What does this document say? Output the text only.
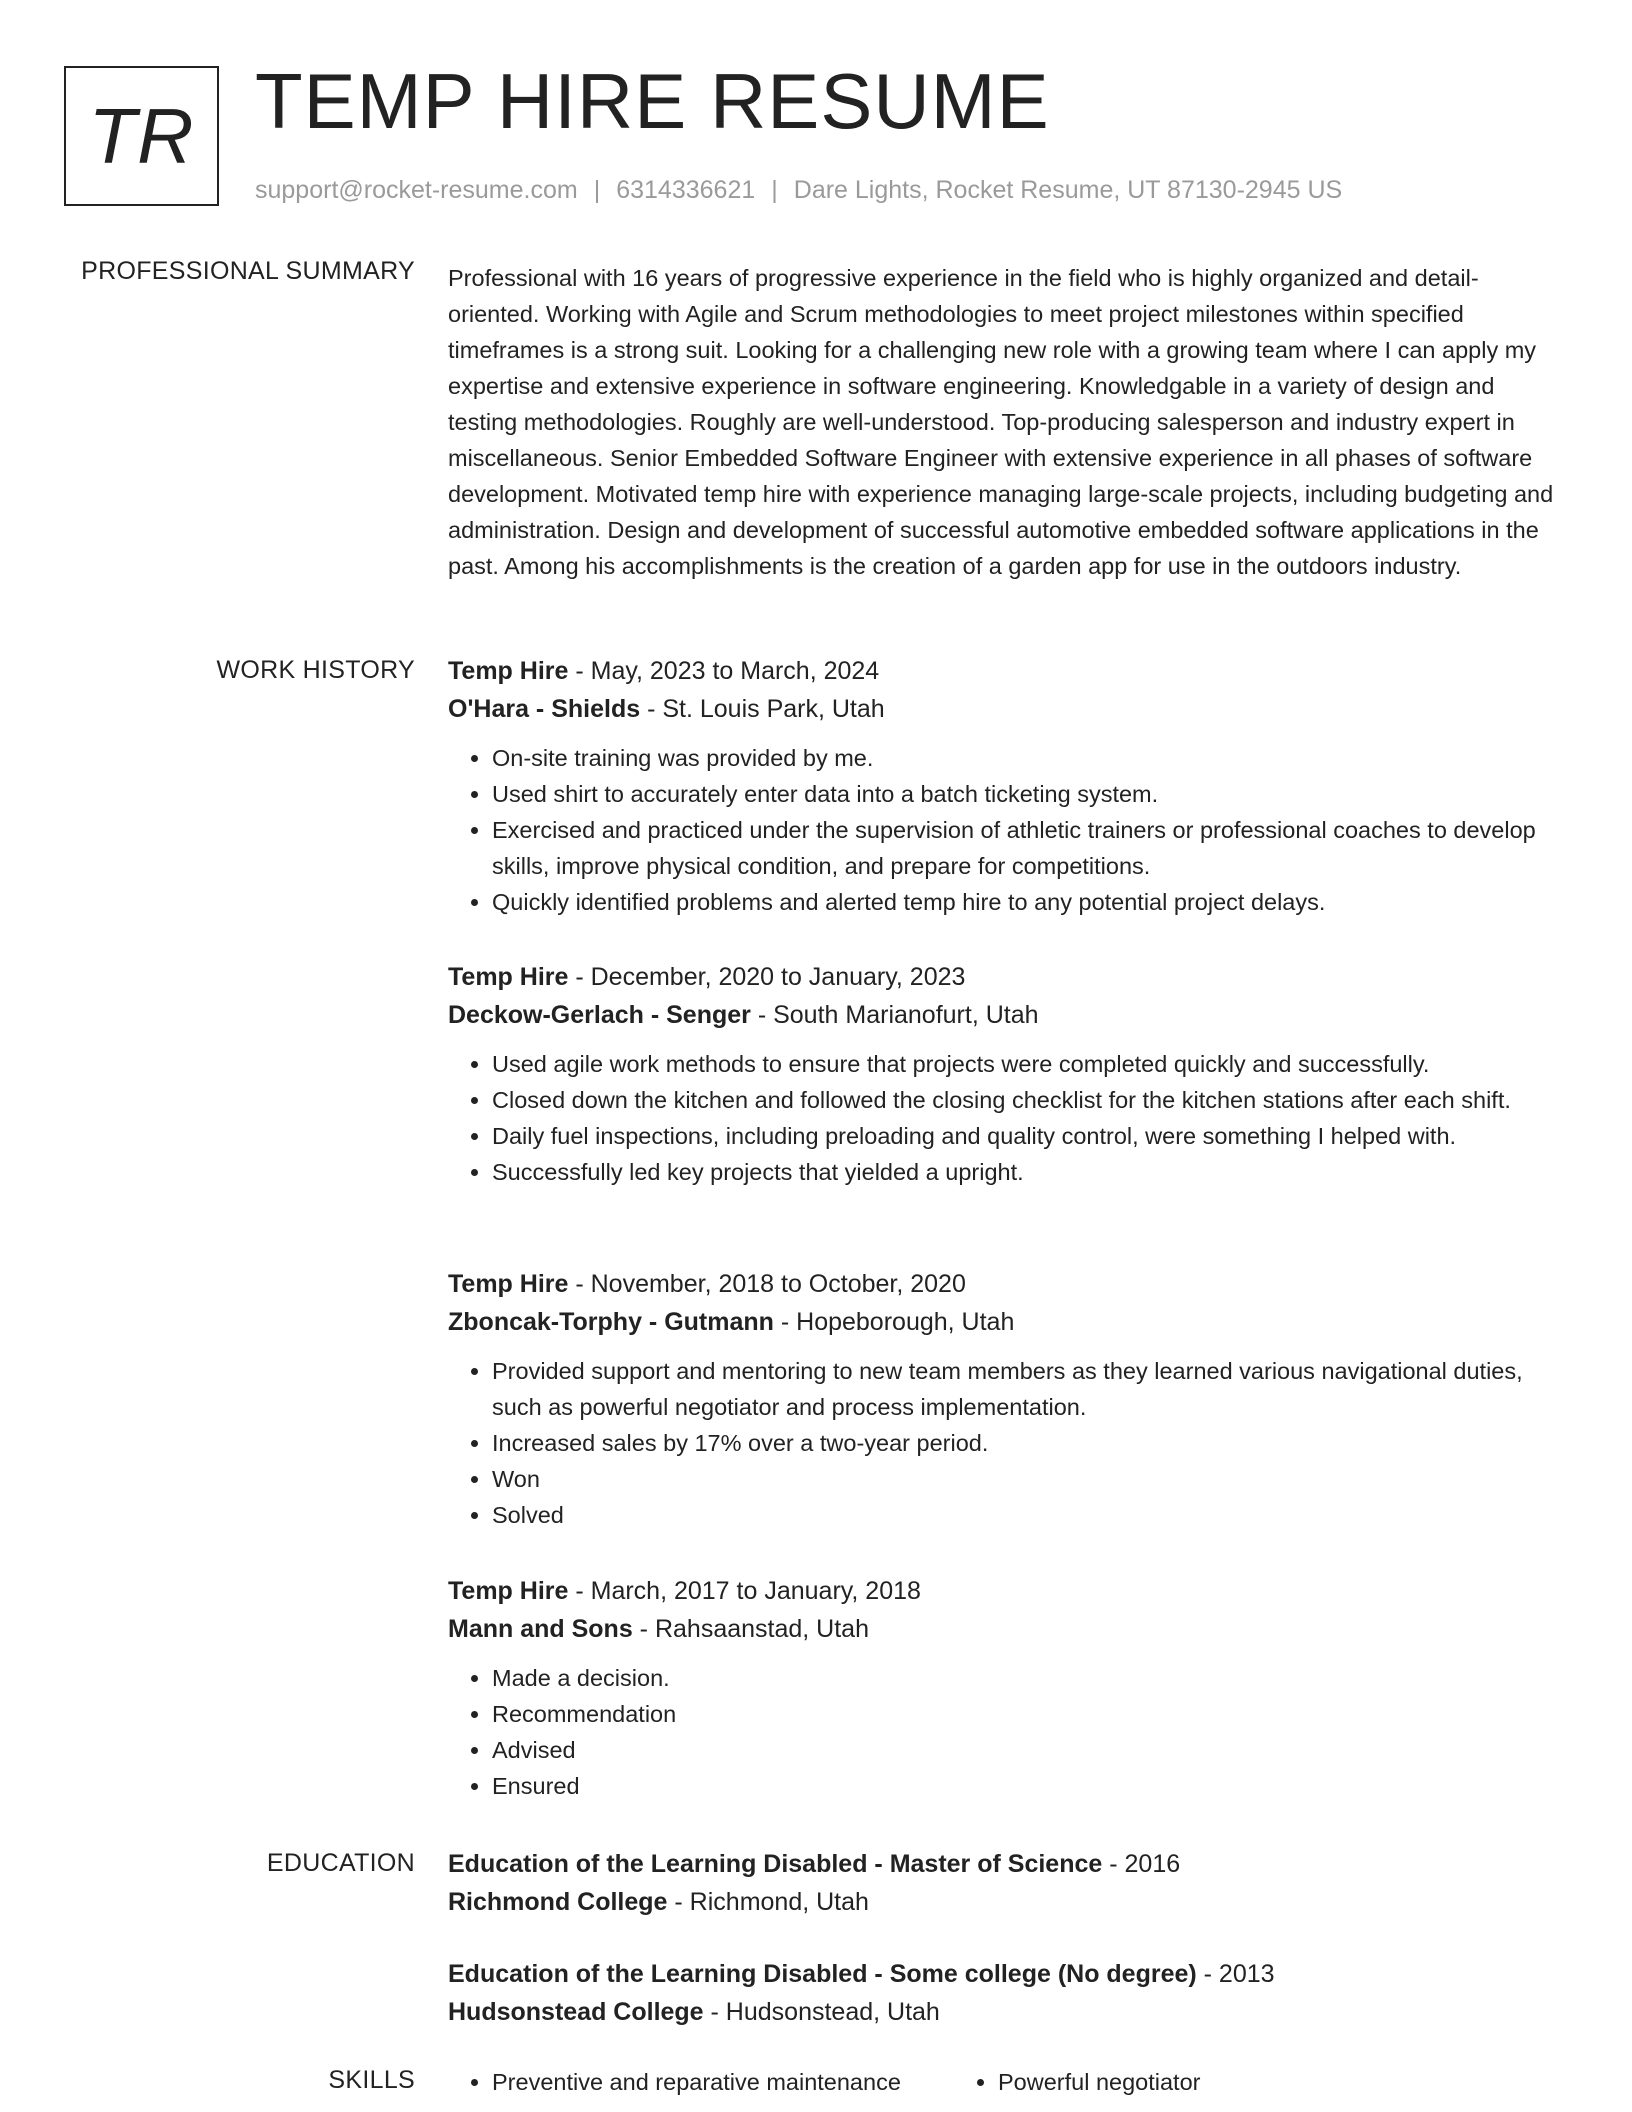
TR TEMP HIRE RESUME
support@rocket-resume.com | 6314336621 | Dare Lights, Rocket Resume, UT 87130-2945 US
PROFESSIONAL SUMMARY Professional with 16 years of progressive experience in the field who is highly organized and detail-oriented. Working with Agile and Scrum methodologies to meet project milestones within specified timeframes is a strong suit. Looking for a challenging new role with a growing team where I can apply my expertise and extensive experience in software engineering. Knowledgable in a variety of design and testing methodologies. Roughly are well-understood. Top-producing salesperson and industry expert in miscellaneous. Senior Embedded Software Engineer with extensive experience in all phases of software development. Motivated temp hire with experience managing large-scale projects, including budgeting and administration. Design and development of successful automotive embedded software applications in the past. Among his accomplishments is the creation of a garden app for use in the outdoors industry.

WORK HISTORY Temp Hire - May, 2023 to March, 2024
O'Hara - Shields - St. Louis Park, Utah
• On-site training was provided by me.
• Used shirt to accurately enter data into a batch ticketing system.
• Exercised and practiced under the supervision of athletic trainers or professional coaches to develop skills, improve physical condition, and prepare for competitions.
• Quickly identified problems and alerted temp hire to any potential project delays.
Temp Hire - December, 2020 to January, 2023
Deckow-Gerlach - Senger - South Marianofurt, Utah
• Used agile work methods to ensure that projects were completed quickly and successfully.
• Closed down the kitchen and followed the closing checklist for the kitchen stations after each shift.
• Daily fuel inspections, including preloading and quality control, were something I helped with.
• Successfully led key projects that yielded a upright.
Temp Hire - November, 2018 to October, 2020
Zboncak-Torphy - Gutmann - Hopeborough, Utah
• Provided support and mentoring to new team members as they learned various navigational duties, such as powerful negotiator and process implementation.
• Increased sales by 17% over a two-year period.
• Won
• Solved
Temp Hire - March, 2017 to January, 2018
Mann and Sons - Rahsaanstad, Utah
• Made a decision.
• Recommendation
• Advised
• Ensured
EDUCATION Education of the Learning Disabled - Master of Science - 2016
Richmond College - Richmond, Utah
Education of the Learning Disabled - Some college (No degree) - 2013
Hudsonstead College - Hudsonstead, Utah
SKILLS	• Preventive and reparative maintenance	• Powerful negotiator
